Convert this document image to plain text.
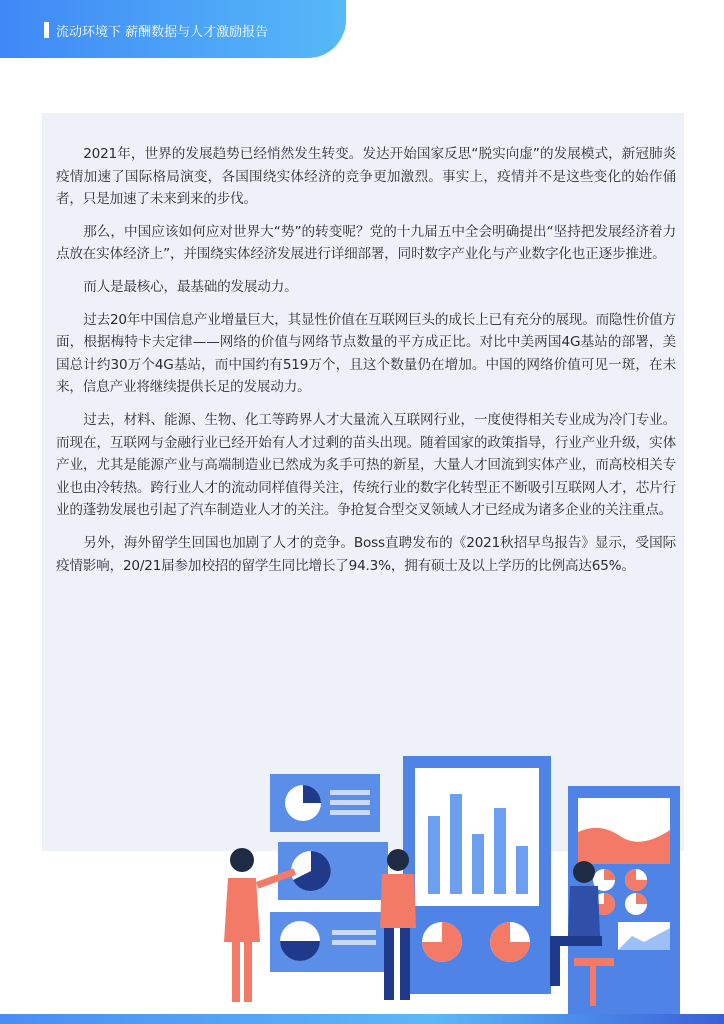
流动环境下 薪酬数据与人才激励报告

2021年，世界的发展趋势已经悄然发生转变。发达开始国家反思“脱实向虚”的发展模式，新冠肺炎疫情加速了国际格局演变，各国围绕实体经济的竞争更加激烈。事实上，疫情并不是这些变化的始作俑者，只是加速了未来到来的步伐。

那么，中国应该如何应对世界大“势”的转变呢？党的十九届五中全会明确提出“坚持把发展经济着力点放在实体经济上”，并围绕实体经济发展进行详细部署，同时数字产业化与产业数字化也正逐步推进。

而人是最核心，最基础的发展动力。

过去20年中国信息产业增量巨大，其显性价值在互联网巨头的成长上已有充分的展现。而隐性价值方面，根据梅特卡夫定律——网络的价值与网络节点数量的平方成正比。对比中美两国4G基站的部署，美国总计约30万个4G基站，而中国约有519万个，且这个数量仍在增加。中国的网络价值可见一斑，在未来，信息产业将继续提供长足的发展动力。

过去，材料、能源、生物、化工等跨界人才大量流入互联网行业，一度使得相关专业成为冷门专业。而现在，互联网与金融行业已经开始有人才过剩的苗头出现。随着国家的政策指导，行业产业升级，实体产业，尤其是能源产业与高端制造业已然成为炙手可热的新星，大量人才回流到实体产业，而高校相关专业也由冷转热。跨行业人才的流动同样值得关注，传统行业的数字化转型正不断吸引互联网人才，芯片行业的蓬勃发展也引起了汽车制造业人才的关注。争抢复合型交叉领域人才已经成为诸多企业的关注重点。

另外，海外留学生回国也加剧了人才的竞争。Boss直聘发布的《2021秋招早鸟报告》显示，受国际疫情影响，20/21届参加校招的留学生同比增长了94.3%，拥有硕士及以上学历的比例高达65%。
